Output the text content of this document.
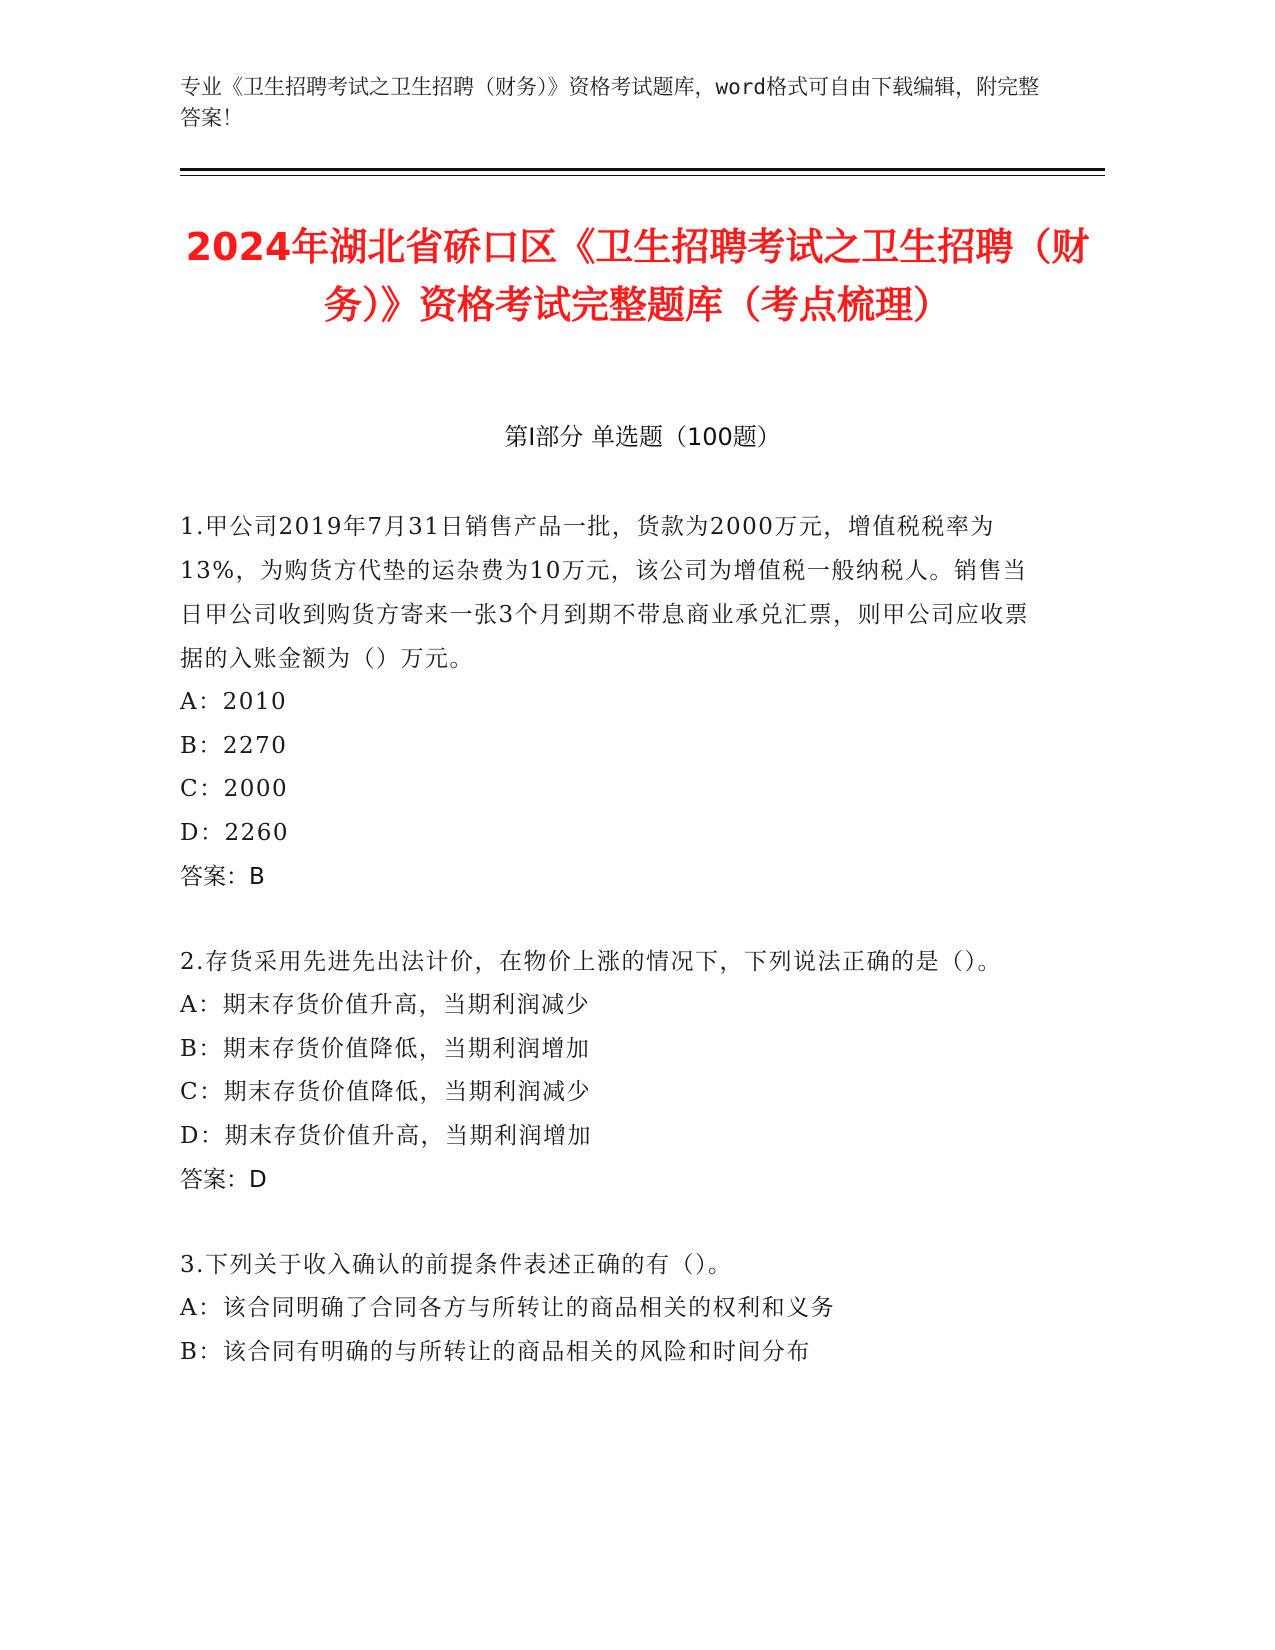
专业《卫生招聘考试之卫生招聘（财务）》资格考试题库，word格式可自由下载编辑，附完整答案！
2024年湖北省硚口区《卫生招聘考试之卫生招聘（财务）》资格考试完整题库（考点梳理）
第Ⅰ部分 单选题（100题）

1.甲公司2019年7月31日销售产品一批，货款为2000万元，增值税税率为13%，为购货方代垫的运杂费为10万元，该公司为增值税一般纳税人。销售当日甲公司收到购货方寄来一张3个月到期不带息商业承兑汇票，则甲公司应收票据的入账金额为（）万元。

A：2010

B：2270

C：2000

D：2260

答案：B

2.存货采用先进先出法计价，在物价上涨的情况下，下列说法正确的是（）。

A：期末存货价值升高，当期利润减少

B：期末存货价值降低，当期利润增加

C：期末存货价值降低，当期利润减少

D：期末存货价值升高，当期利润增加

答案：D

3.下列关于收入确认的前提条件表述正确的有（）。

A：该合同明确了合同各方与所转让的商品相关的权利和义务

B：该合同有明确的与所转让的商品相关的风险和时间分布
